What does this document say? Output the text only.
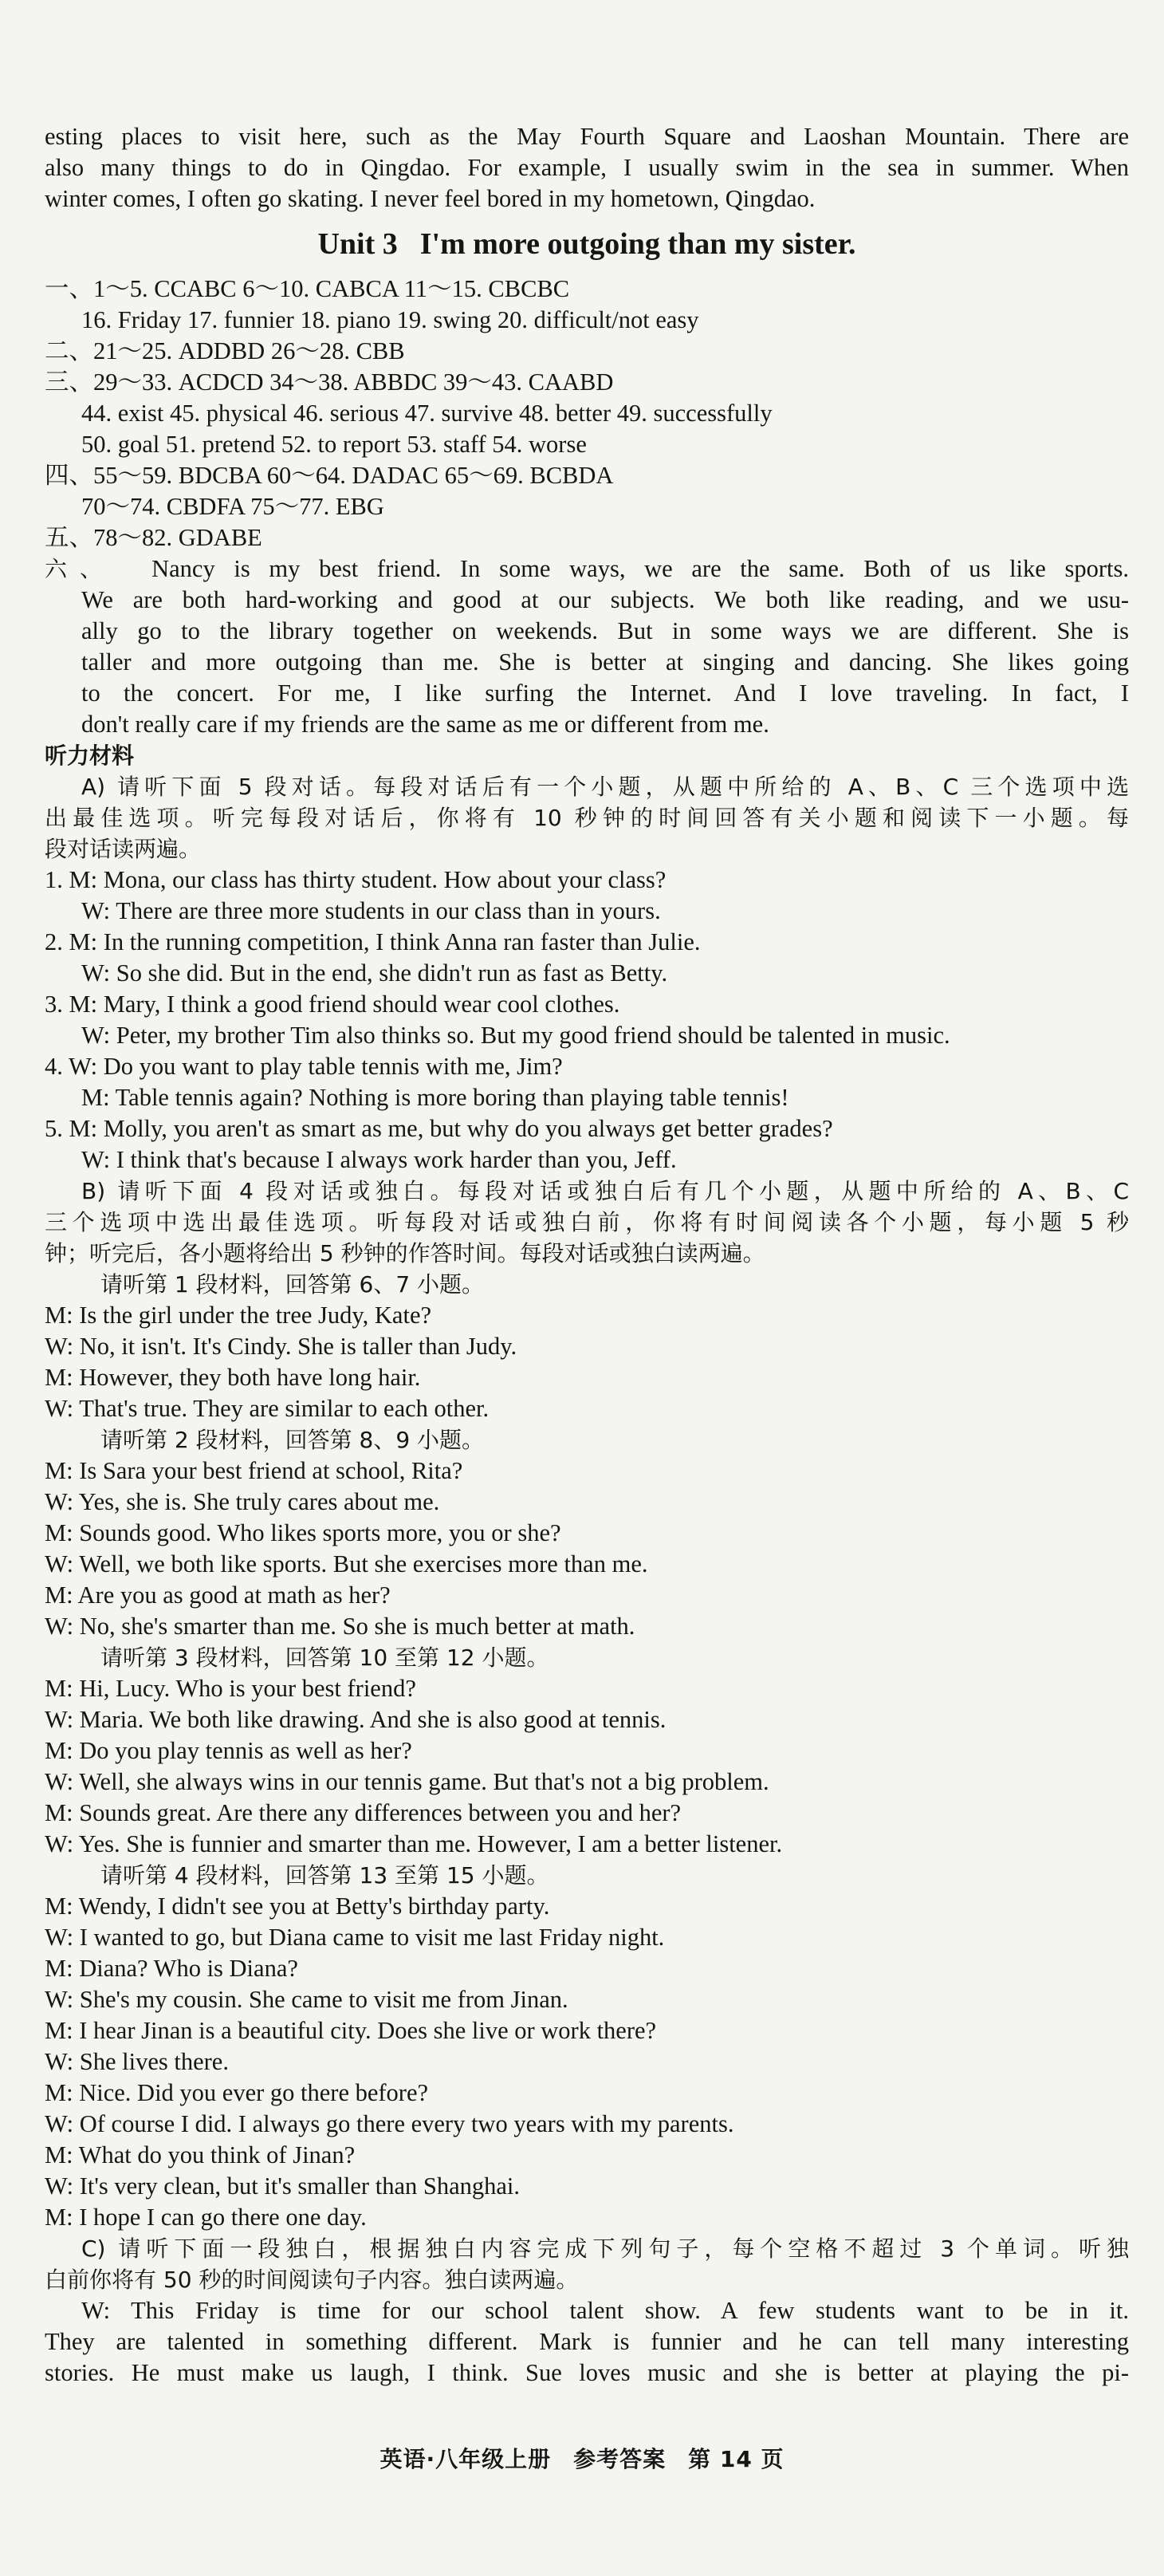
esting places to visit here, such as the May Fourth Square and Laoshan Mountain. There are
also many things to do in Qingdao. For example, I usually swim in the sea in summer. When
winter comes, I often go skating. I never feel bored in my hometown, Qingdao.
Unit 3 I'm more outgoing than my sister.
一、1～5. CCABC 6～10. CABCA 11～15. CBCBC
16. Friday 17. funnier 18. piano 19. swing 20. difficult/not easy
二、21～25. ADDBD 26～28. CBB
三、29～33. ACDCD 34～38. ABBDC 39～43. CAABD
44. exist 45. physical 46. serious 47. survive 48. better 49. successfully
50. goal 51. pretend 52. to report 53. staff 54. worse
四、55～59. BDCBA 60～64. DADAC 65～69. BCBDA
70～74. CBDFA 75～77. EBG
五、78～82. GDABE
六、 Nancy is my best friend. In some ways, we are the same. Both of us like sports.
We are both hard-working and good at our subjects. We both like reading, and we usu-
ally go to the library together on weekends. But in some ways we are different. She is
taller and more outgoing than me. She is better at singing and dancing. She likes going
to the concert. For me, I like surfing the Internet. And I love traveling. In fact, I
don't really care if my friends are the same as me or different from me.
听力材料
A) 请听下面 5 段对话。每段对话后有一个小题，从题中所给的 A、B、C 三个选项中选
出最佳选项。听完每段对话后，你将有 10 秒钟的时间回答有关小题和阅读下一小题。每
段对话读两遍。
1. M: Mona, our class has thirty student. How about your class?
W: There are three more students in our class than in yours.
2. M: In the running competition, I think Anna ran faster than Julie.
W: So she did. But in the end, she didn't run as fast as Betty.
3. M: Mary, I think a good friend should wear cool clothes.
W: Peter, my brother Tim also thinks so. But my good friend should be talented in music.
4. W: Do you want to play table tennis with me, Jim?
M: Table tennis again? Nothing is more boring than playing table tennis!
5. M: Molly, you aren't as smart as me, but why do you always get better grades?
W: I think that's because I always work harder than you, Jeff.
B) 请听下面 4 段对话或独白。每段对话或独白后有几个小题，从题中所给的 A、B、C
三个选项中选出最佳选项。听每段对话或独白前，你将有时间阅读各个小题，每小题 5 秒
钟；听完后，各小题将给出 5 秒钟的作答时间。每段对话或独白读两遍。
请听第 1 段材料，回答第 6、7 小题。
M: Is the girl under the tree Judy, Kate?
W: No, it isn't. It's Cindy. She is taller than Judy.
M: However, they both have long hair.
W: That's true. They are similar to each other.
请听第 2 段材料，回答第 8、9 小题。
M: Is Sara your best friend at school, Rita?
W: Yes, she is. She truly cares about me.
M: Sounds good. Who likes sports more, you or she?
W: Well, we both like sports. But she exercises more than me.
M: Are you as good at math as her?
W: No, she's smarter than me. So she is much better at math.
请听第 3 段材料，回答第 10 至第 12 小题。
M: Hi, Lucy. Who is your best friend?
W: Maria. We both like drawing. And she is also good at tennis.
M: Do you play tennis as well as her?
W: Well, she always wins in our tennis game. But that's not a big problem.
M: Sounds great. Are there any differences between you and her?
W: Yes. She is funnier and smarter than me. However, I am a better listener.
请听第 4 段材料，回答第 13 至第 15 小题。
M: Wendy, I didn't see you at Betty's birthday party.
W: I wanted to go, but Diana came to visit me last Friday night.
M: Diana? Who is Diana?
W: She's my cousin. She came to visit me from Jinan.
M: I hear Jinan is a beautiful city. Does she live or work there?
W: She lives there.
M: Nice. Did you ever go there before?
W: Of course I did. I always go there every two years with my parents.
M: What do you think of Jinan?
W: It's very clean, but it's smaller than Shanghai.
M: I hope I can go there one day.
C) 请听下面一段独白，根据独白内容完成下列句子，每个空格不超过 3 个单词。听独
白前你将有 50 秒的时间阅读句子内容。独白读两遍。
W: This Friday is time for our school talent show. A few students want to be in it.
They are talented in something different. Mark is funnier and he can tell many interesting
stories. He must make us laugh, I think. Sue loves music and she is better at playing the pi-
英语·八年级上册 参考答案 第 14 页
